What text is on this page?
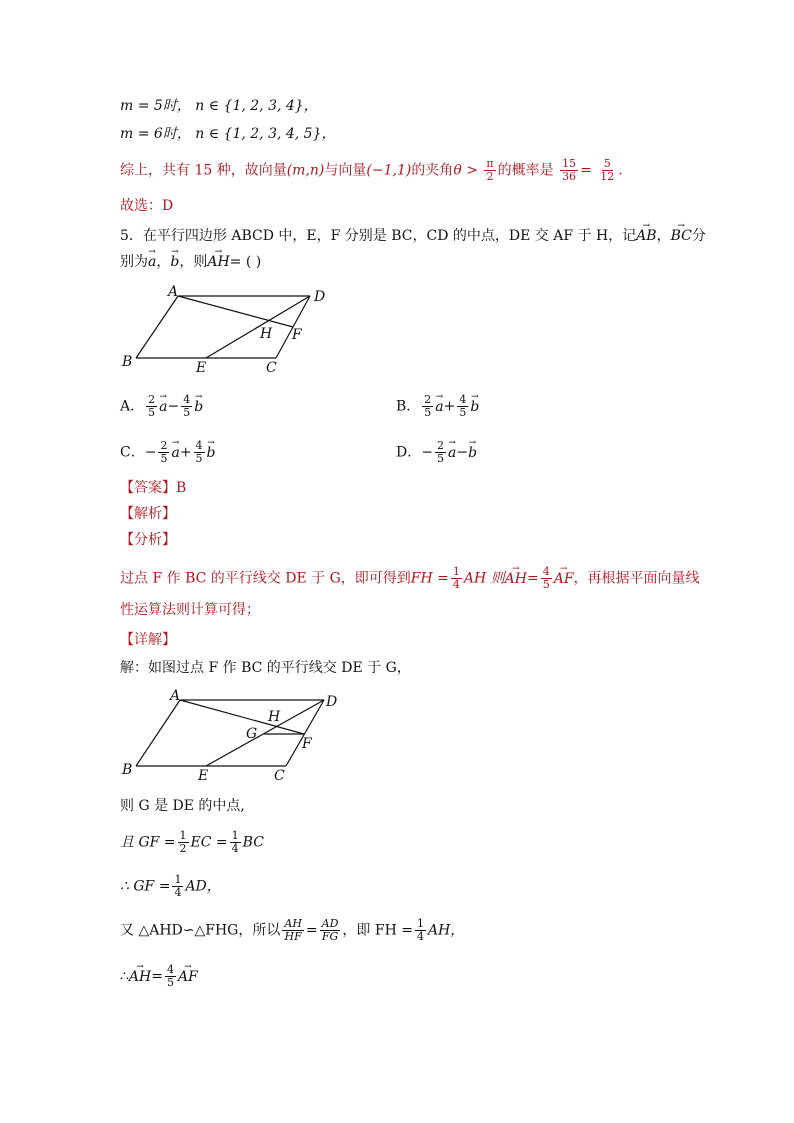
m = 5时， n ∈ {1, 2, 3, 4}，
m = 6时， n ∈ {1, 2, 3, 4, 5}，
综上，共有 15 种，故向量(m,n)与向量(−1,1)的夹角$\theta > \frac{\pi}{2}$ 的概率是 $\frac{15}{36} = \frac{5}{12}$ .
故选：D
5．在平行四边形 ABCD 中，E，F 分别是 BC，CD 的中点，DE 交 AF 于 H，记→ AB，→ BC分
别为→ a，→ b，则→ AH= ( )
A	D
H F
B	E	C
A． $\frac{2}{5}$
→ $a- \frac{4}{5}$
→ b	B． $\frac{2}{5}$
→ $a+ \frac{4}{5}$
→ b
C．− $\frac{2}{5}$
→ $a+ \frac{4}{5}$
→ b	D．− $\frac{2}{5}$
→ a−→ b
【答案】B
【解析】
【分析】
过点 F 作 BC 的平行线交 DE 于 G，即可得到FH = $\frac{1}{4}$ AH 则→ $AH= \frac{4}{5}$
→ AF，再根据平面向量线
性运算法则计算可得；
【详解】
解：如图过点 F 作 BC 的平行线交 DE 于 G，
A	D
H
G
F
B	E	C
则 G 是 DE 的中点,
且 GF = $\frac{1}{2}$ EC = $\frac{1}{4}$ BC
∴ GF = $\frac{1}{4}$ AD，
又 △AHD∽△FHG，所以 $\frac{AH}{HF} = \frac{AD}{FG}$ ，即 FH = $\frac{1}{4}$ AH，
∴→ $AH= \frac{4}{5}$
→ AF
